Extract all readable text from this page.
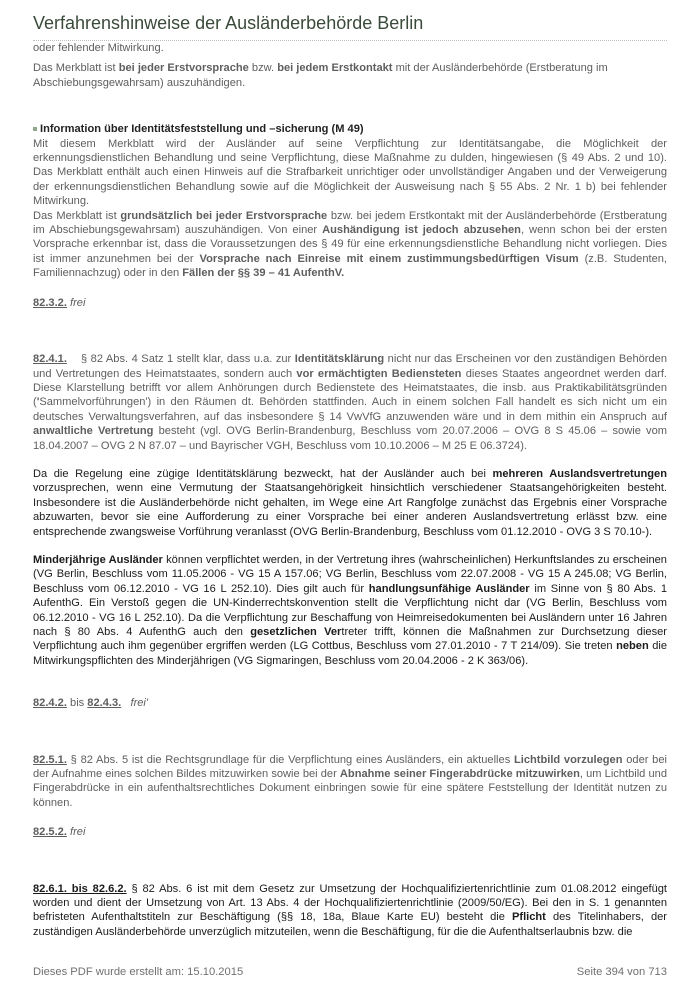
Verfahrenshinweise der Ausländerbehörde Berlin

oder fehlender Mitwirkung.

Das Merkblatt ist bei jeder Erstvorsprache bzw. bei jedem Erstkontakt mit der Ausländerbehörde (Erstberatung im Abschiebungsgewahrsam) auszuhändigen.

Information über Identitätsfeststellung und –sicherung (M 49)

Mit diesem Merkblatt wird der Ausländer auf seine Verpflichtung zur Identitätsangabe, die Möglichkeit der erkennungsdienstlichen Behandlung und seine Verpflichtung, diese Maßnahme zu dulden, hingewiesen (§ 49 Abs. 2 und 10). Das Merkblatt enthält auch einen Hinweis auf die Strafbarkeit unrichtiger oder unvollständiger Angaben und der Verweigerung der erkennungsdienstlichen Behandlung sowie auf die Möglichkeit der Ausweisung nach § 55 Abs. 2 Nr. 1 b) bei fehlender Mitwirkung.

Das Merkblatt ist grundsätzlich bei jeder Erstvorsprache bzw. bei jedem Erstkontakt mit der Ausländerbehörde (Erstberatung im Abschiebungsgewahrsam) auszuhändigen. Von einer Aushändigung ist jedoch abzusehen, wenn schon bei der ersten Vorsprache erkennbar ist, dass die Voraussetzungen des § 49 für eine erkennungsdienstliche Behandlung nicht vorliegen. Dies ist immer anzunehmen bei der Vorsprache nach Einreise mit einem zustimmungsbedürftigen Visum (z.B. Studenten, Familiennachzug) oder in den Fällen der §§ 39 – 41 AufenthV.

82.3.2. frei

82.4.1.    § 82 Abs. 4 Satz 1 stellt klar, dass u.a. zur Identitätsklärung nicht nur das Erscheinen vor den zuständigen Behörden und Vertretungen des Heimatstaates, sondern auch vor ermächtigten Bediensteten dieses Staates angeordnet werden darf. Diese Klarstellung betrifft vor allem Anhörungen durch Bedienstete des Heimatstaates, die insb. aus Praktikabilitätsgründen ('Sammelvorführungen') in den Räumen dt. Behörden stattfinden. Auch in einem solchen Fall handelt es sich nicht um ein deutsches Verwaltungsverfahren, auf das insbesondere § 14 VwVfG anzuwenden wäre und in dem mithin ein Anspruch auf anwaltliche Vertretung besteht (vgl. OVG Berlin-Brandenburg, Beschluss vom 20.07.2006 – OVG 8 S 45.06 – sowie vom 18.04.2007 – OVG 2 N 87.07 – und Bayrischer VGH, Beschluss vom 10.10.2006 – M 25 E 06.3724).

Da die Regelung eine zügige Identitätsklärung bezweckt, hat der Ausländer auch bei mehreren Auslandsvertretungen vorzusprechen, wenn eine Vermutung der Staatsangehörigkeit hinsichtlich verschiedener Staatsangehörigkeiten besteht. Insbesondere ist die Ausländerbehörde nicht gehalten, im Wege eine Art Rangfolge zunächst das Ergebnis einer Vorsprache abzuwarten, bevor sie eine Aufforderung zu einer Vorsprache bei einer anderen Auslandsvertretung erlässt bzw. eine entsprechende zwangsweise Vorführung veranlasst (OVG Berlin-Brandenburg, Beschluss vom 01.12.2010 - OVG 3 S 70.10-).

Minderjährige Ausländer können verpflichtet werden, in der Vertretung ihres (wahrscheinlichen) Herkunftslandes zu erscheinen (VG Berlin, Beschluss vom 11.05.2006 - VG 15 A 157.06; VG Berlin, Beschluss vom 22.07.2008 - VG 15 A 245.08; VG Berlin, Beschluss vom 06.12.2010 - VG 16 L 252.10). Dies gilt auch für handlungsunfähige Ausländer im Sinne von § 80 Abs. 1 AufenthG. Ein Verstoß gegen die UN-Kinderrechtskonvention stellt die Verpflichtung nicht dar (VG Berlin, Beschluss vom 06.12.2010 - VG 16 L 252.10). Da die Verpflichtung zur Beschaffung von Heimreisedokumenten bei Ausländern unter 16 Jahren nach § 80 Abs. 4 AufenthG auch den gesetzlichen Vertreter trifft, können die Maßnahmen zur Durchsetzung dieser Verpflichtung auch ihm gegenüber ergriffen werden (LG Cottbus, Beschluss vom 27.01.2010 - 7 T 214/09). Sie treten neben die Mitwirkungspflichten des Minderjährigen (VG Sigmaringen, Beschluss vom 20.04.2006 - 2 K 363/06).

82.4.2. bis 82.4.3. frei'

82.5.1. § 82 Abs. 5 ist die Rechtsgrundlage für die Verpflichtung eines Ausländers, ein aktuelles Lichtbild vorzulegen oder bei der Aufnahme eines solchen Bildes mitzuwirken sowie bei der Abnahme seiner Fingerabdrücke mitzuwirken, um Lichtbild und Fingerabdrücke in ein aufenthaltsrechtliches Dokument einbringen sowie für eine spätere Feststellung der Identität nutzen zu können.

82.5.2. frei

82.6.1. bis 82.6.2. § 82 Abs. 6 ist mit dem Gesetz zur Umsetzung der Hochqualifiziertenrichtlinie zum 01.08.2012 eingefügt worden und dient der Umsetzung von Art. 13 Abs. 4 der Hochqualifiziertenrichtlinie (2009/50/EG). Bei den in S. 1 genannten befristeten Aufenthaltstiteln zur Beschäftigung (§§ 18, 18a, Blaue Karte EU) besteht die Pflicht des Titelinhabers, der zuständigen Ausländerbehörde unverzüglich mitzuteilen, wenn die Beschäftigung, für die die Aufenthaltserlaubnis bzw. die

Dieses PDF wurde erstellt am: 15.10.2015	Seite 394 von 713
